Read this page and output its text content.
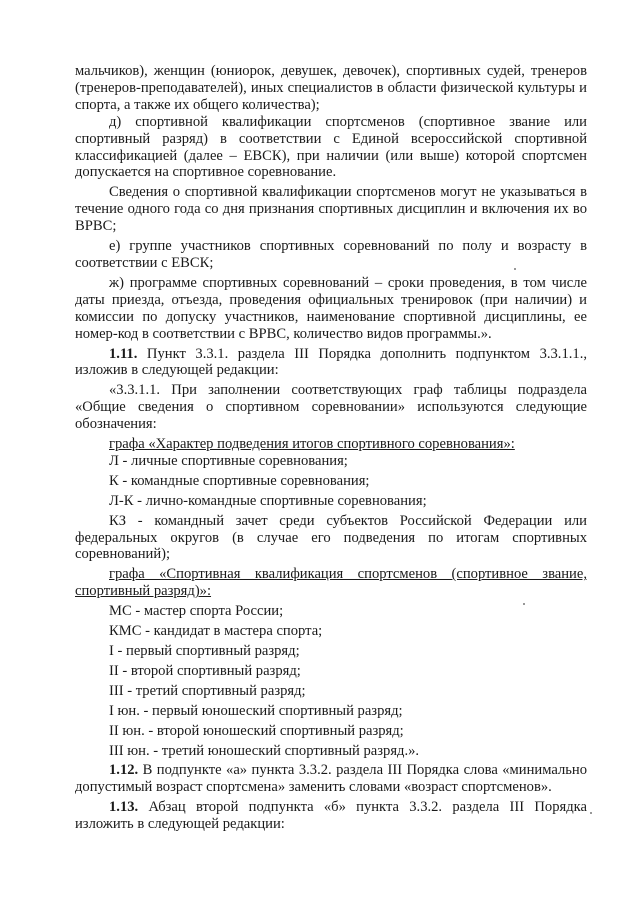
мальчиков), женщин (юниорок, девушек, девочек), спортивных судей, тренеров (тренеров-преподавателей), иных специалистов в области физической культуры и спорта, а также их общего количества);

д) спортивной квалификации спортсменов (спортивное звание или спортивный разряд) в соответствии с Единой всероссийской спортивной классификацией (далее – ЕВСК), при наличии (или выше) которой спортсмен допускается на спортивное соревнование.

Сведения о спортивной квалификации спортсменов могут не указываться в течение одного года со дня признания спортивных дисциплин и включения их во ВРВС;

е) группе участников спортивных соревнований по полу и возрасту в соответствии с ЕВСК;

ж) программе спортивных соревнований – сроки проведения, в том числе даты приезда, отъезда, проведения официальных тренировок (при наличии) и комиссии по допуску участников, наименование спортивной дисциплины, ее номер-код в соответствии с ВРВС, количество видов программы.».

1.11. Пункт 3.3.1. раздела III Порядка дополнить подпунктом 3.3.1.1., изложив в следующей редакции:

«3.3.1.1. При заполнении соответствующих граф таблицы подраздела «Общие сведения о спортивном соревновании» используются следующие обозначения:

графа «Характер подведения итогов спортивного соревнования»:

Л - личные спортивные соревнования;

К - командные спортивные соревнования;

Л-К - лично-командные спортивные соревнования;

КЗ - командный зачет среди субъектов Российской Федерации или федеральных округов (в случае его подведения по итогам спортивных соревнований);

графа «Спортивная квалификация спортсменов (спортивное звание, спортивный разряд)»:

МС - мастер спорта России;

КМС - кандидат в мастера спорта;

I - первый спортивный разряд;

II - второй спортивный разряд;

III - третий спортивный разряд;

I юн. - первый юношеский спортивный разряд;

II юн. - второй юношеский спортивный разряд;

III юн. - третий юношеский спортивный разряд.».

1.12. В подпункте «а» пункта 3.3.2. раздела III Порядка слова «минимально допустимый возраст спортсмена» заменить словами «возраст спортсменов».

1.13. Абзац второй подпункта «б» пункта 3.3.2. раздела III Порядка изложить в следующей редакции:
